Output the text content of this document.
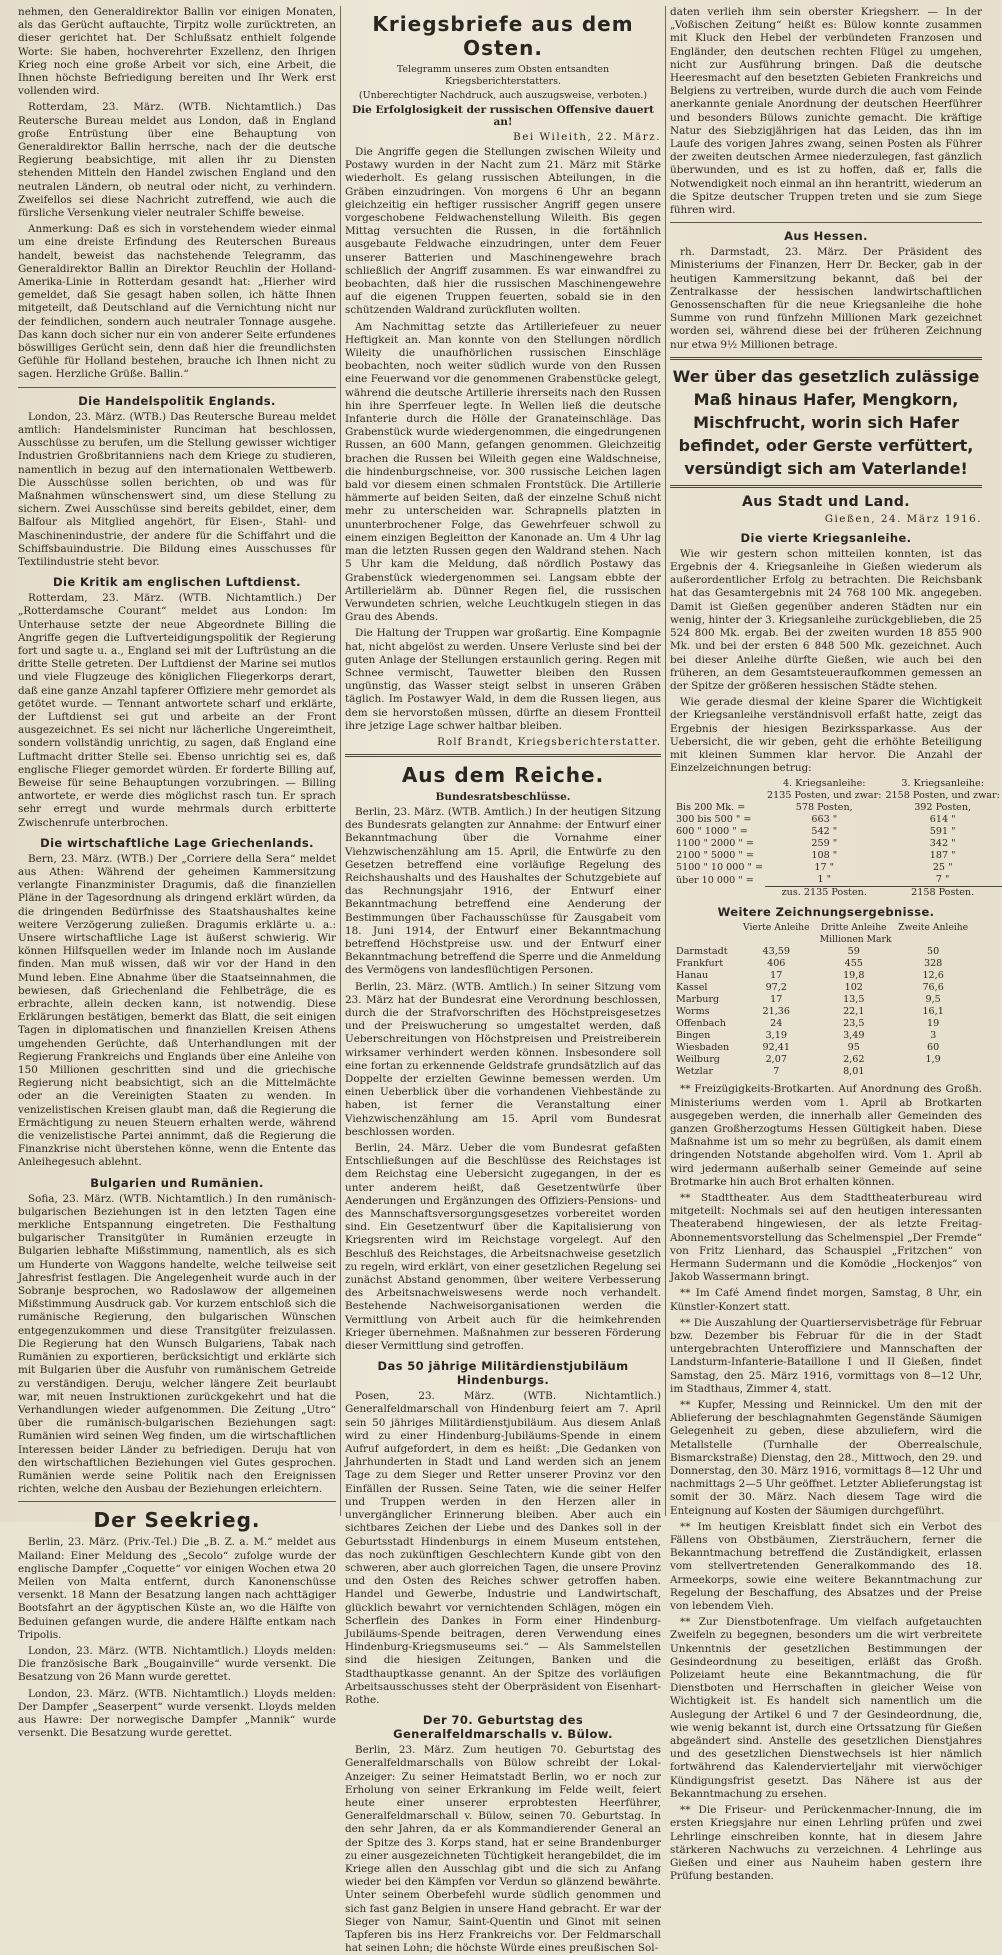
nehmen, den Generaldirektor Ballin vor einigen Monaten, als das Gerücht auftauchte, Tirpitz wolle zurücktreten, an dieser gerichtet hat. Der Schlußsatz enthielt folgende Worte: Sie haben, hochverehrter Exzellenz, den Ihrigen Krieg noch eine große Arbeit vor sich, eine Arbeit, die Ihnen höchste Befriedigung bereiten und Ihr Werk erst vollenden wird.

Rotterdam, 23. März. (WTB. Nichtamtlich.) Das Reutersche Bureau meldet aus London, daß in England große Entrüstung über eine Behauptung von Generaldirektor Ballin herrsche, nach der die deutsche Regierung beabsichtige, mit allen ihr zu Diensten stehenden Mitteln den Handel zwischen England und den neutralen Ländern, ob neutral oder nicht, zu verhindern. Zweifellos sei diese Nachricht zutreffend, wie auch die fürsliche Versenkung vieler neutraler Schiffe beweise.

Anmerkung: Daß es sich in vorstehendem wieder einmal um eine dreiste Erfindung des Reuterschen Bureaus handelt, beweist das nachstehende Telegramm, das Generaldirektor Ballin an Direktor Reuchlin der Holland-Amerika-Linie in Rotterdam gesandt hat: „Hierher wird gemeldet, daß Sie gesagt haben sollen, ich hätte Ihnen mitgeteilt, daß Deutschland auf die Vernichtung nicht nur der feindlichen, sondern auch neutraler Tonnage ausgehe. Das kann doch sicher nur ein von anderer Seite erfundenes böswilliges Gerücht sein, denn daß hier die freundlichsten Gefühle für Holland bestehen, brauche ich Ihnen nicht zu sagen. Herzliche Grüße. Ballin.“

Die Handelspolitik Englands.

London, 23. März. (WTB.) Das Reutersche Bureau meldet amtlich: Handelsminister Runciman hat beschlossen, Ausschüsse zu berufen, um die Stellung gewisser wichtiger Industrien Großbritanniens nach dem Kriege zu studieren, namentlich in bezug auf den internationalen Wettbewerb. Die Ausschüsse sollen berichten, ob und was für Maßnahmen wünschenswert sind, um diese Stellung zu sichern. Zwei Ausschüsse sind bereits gebildet, einer, dem Balfour als Mitglied angehört, für Eisen-, Stahl- und Maschinenindustrie, der andere für die Schiffahrt und die Schiffsbauindustrie. Die Bildung eines Ausschusses für Textilindustrie steht bevor.

Die Kritik am englischen Luftdienst.

Rotterdam, 23. März. (WTB. Nichtamtlich.) Der „Rotterdamsche Courant“ meldet aus London: Im Unterhause setzte der neue Abgeordnete Billing die Angriffe gegen die Luftverteidigungspolitik der Regierung fort und sagte u. a., England sei mit der Luftrüstung an die dritte Stelle getreten. Der Luftdienst der Marine sei mutlos und viele Flugzeuge des königlichen Fliegerkorps derart, daß eine ganze Anzahl tapferer Offiziere mehr gemordet als getötet wurde. — Tennant antwortete scharf und erklärte, der Luftdienst sei gut und arbeite an der Front ausgezeichnet. Es sei nicht nur lächerliche Ungereimtheit, sondern vollständig unrichtig, zu sagen, daß England eine Luftmacht dritter Stelle sei. Ebenso unrichtig sei es, daß englische Flieger gemordet würden. Er forderte Billing auf, Beweise für seine Behauptungen vorzubringen. — Billing antwortete, er werde dies möglichst rasch tun. Er sprach sehr erregt und wurde mehrmals durch erbitterte Zwischenrufe unterbrochen.

Die wirtschaftliche Lage Griechenlands.

Bern, 23. März. (WTB.) Der „Corriere della Sera“ meldet aus Athen: Während der geheimen Kammersitzung verlangte Finanzminister Dragumis, daß die finanziellen Pläne in der Tagesordnung als dringend erklärt würden, da die dringenden Bedürfnisse des Staatshaushaltes keine weitere Verzögerung zuließen. Dragumis erklärte u. a.: Unsere wirtschaftliche Lage ist äußerst schwierig. Wir können Hilfsquellen weder im Inlande noch im Auslande finden. Man muß wissen, daß wir vor der Hand in den Mund leben. Eine Abnahme über die Staatseinnahmen, die bewiesen, daß Griechenland die Fehlbeträge, die es erbrachte, allein decken kann, ist notwendig. Diese Erklärungen bestätigen, bemerkt das Blatt, die seit einigen Tagen in diplomatischen und finanziellen Kreisen Athens umgehenden Gerüchte, daß Unterhandlungen mit der Regierung Frankreichs und Englands über eine Anleihe von 150 Millionen geschritten sind und die griechische Regierung nicht beabsichtigt, sich an die Mittelmächte oder an die Vereinigten Staaten zu wenden. In venizelistischen Kreisen glaubt man, daß die Regierung die Ermächtigung zu neuen Steuern erhalten werde, während die venizelistische Partei annimmt, daß die Regierung die Finanzkrise nicht überstehen könne, wenn die Entente das Anleihegesuch ablehnt.

Bulgarien und Rumänien.

Sofia, 23. März. (WTB. Nichtamtlich.) In den rumänisch-bulgarischen Beziehungen ist in den letzten Tagen eine merkliche Entspannung eingetreten. Die Festhaltung bulgarischer Transitgüter in Rumänien erzeugte in Bulgarien lebhafte Mißstimmung, namentlich, als es sich um Hunderte von Waggons handelte, welche teilweise seit Jahresfrist festlagen. Die Angelegenheit wurde auch in der Sobranje besprochen, wo Radoslawow der allgemeinen Mißstimmung Ausdruck gab. Vor kurzem entschloß sich die rumänische Regierung, den bulgarischen Wünschen entgegenzukommen und diese Transitgüter freizulassen. Die Regierung hat den Wunsch Bulgariens, Tabak nach Rumänien zu exportieren, berücksichtigt und erklärte sich mit Bulgarien über die Ausfuhr von rumänischem Getreide zu verständigen. Deruju, welcher längere Zeit beurlaubt war, mit neuen Instruktionen zurückgekehrt und hat die Verhandlungen wieder aufgenommen. Die Zeitung „Utro“ über die rumänisch-bulgarischen Beziehungen sagt: Rumänien wird seinen Weg finden, um die wirtschaftlichen Interessen beider Länder zu befriedigen. Deruju hat von den wirtschaftlichen Beziehungen viel Gutes gesprochen. Rumänien werde seine Politik nach den Ereignissen richten, welche den Ausbau der Beziehungen erleichtern.

Der Seekrieg.

Berlin, 23. März. (Priv.-Tel.) Die „B. Z. a. M.“ meldet aus Mailand: Einer Meldung des „Secolo“ zufolge wurde der englische Dampfer „Coquette“ vor einigen Wochen etwa 20 Meilen von Malta entfernt, durch Kanonenschüsse versenkt. 18 Mann der Besatzung langen nach achttägiger Bootsfahrt an der ägyptischen Küste an, wo die Hälfte von Beduinen gefangen wurde, die andere Hälfte entkam nach Tripolis.

London, 23. März. (WTB. Nichtamtlich.) Lloyds melden: Die französische Bark „Bougainville“ wurde versenkt. Die Besatzung von 26 Mann wurde gerettet.

London, 23. März. (WTB. Nichtamtlich.) Lloyds melden: Der Dampfer „Seaserpent“ wurde versenkt. Lloyds melden aus Hawre: Der norwegische Dampfer „Mannik“ wurde versenkt. Die Besatzung wurde gerettet.

Kriegsbriefe aus dem Osten.
Telegramm unseres zum Obsten entsandten Kriegsberichterstatters.
(Unberechtigter Nachdruck, auch auszugsweise, verboten.)
Die Erfolglosigkeit der russischen Offensive dauert an!
Bei Wileith, 22. März.

Die Angriffe gegen die Stellungen zwischen Wileity und Postawy wurden in der Nacht zum 21. März mit Stärke wiederholt. Es gelang russischen Abteilungen, in die Gräben einzudringen. Von morgens 6 Uhr an begann gleichzeitig ein heftiger russischer Angriff gegen unsere vorgeschobene Feldwachenstellung Wileith. Bis gegen Mittag versuchten die Russen, in die fortähnlich ausgebaute Feldwache einzudringen, unter dem Feuer unserer Batterien und Maschinengewehre brach schließlich der Angriff zusammen. Es war einwandfrei zu beobachten, daß hier die russischen Maschinengewehre auf die eigenen Truppen feuerten, sobald sie in den schützenden Waldrand zurückfluten wollten.

Am Nachmittag setzte das Artilleriefeuer zu neuer Heftigkeit an. Man konnte von den Stellungen nördlich Wileity die unaufhörlichen russischen Einschläge beobachten, noch weiter südlich wurde von den Russen eine Feuerwand vor die genommenen Grabenstücke gelegt, während die deutsche Artillerie ihrerseits nach den Russen hin ihre Sperrfeuer legte. In Wellen ließ die deutsche Infanterie durch die Hölle der Granateinschläge. Das Grabenstück wurde wiedergenommen, die eingedrungenen Russen, an 600 Mann, gefangen genommen. Gleichzeitig brachen die Russen bei Wileith gegen eine Waldschneise, die hindenburgschneise, vor. 300 russische Leichen lagen bald vor diesem einen schmalen Frontstück. Die Artillerie hämmerte auf beiden Seiten, daß der einzelne Schuß nicht mehr zu unterscheiden war. Schrapnells platzten in ununterbrochener Folge, das Gewehrfeuer schwoll zu einem einzigen Begleitton der Kanonade an. Um 4 Uhr lag man die letzten Russen gegen den Waldrand stehen. Nach 5 Uhr kam die Meldung, daß nördlich Postawy das Grabenstück wiedergenommen sei. Langsam ebbte der Artillerielärm ab. Dünner Regen fiel, die russischen Verwundeten schrien, welche Leuchtkugeln stiegen in das Grau des Abends.

Die Haltung der Truppen war großartig. Eine Kompagnie hat, nicht abgelöst zu werden. Unsere Verluste sind bei der guten Anlage der Stellungen erstaunlich gering. Regen mit Schnee vermischt, Tauwetter bleiben den Russen ungünstig, das Wasser steigt selbst in unseren Gräben täglich. Im Postawyer Wald, in dem die Russen liegen, aus dem sie hervorstoßen müssen, dürfte an diesem Frontteil ihre jetzige Lage schwer haltbar bleiben.

Rolf Brandt, Kriegsberichterstatter.
Aus dem Reiche.
Bundesratsbeschlüsse.

Berlin, 23. März. (WTB. Amtlich.) In der heutigen Sitzung des Bundesrats gelangten zur Annahme: der Entwurf einer Bekanntmachung über die Vornahme einer Viehzwischenzählung am 15. April, die Entwürfe zu den Gesetzen betreffend eine vorläufige Regelung des Reichshaushalts und des Haushaltes der Schutzgebiete auf das Rechnungsjahr 1916, der Entwurf einer Bekanntmachung betreffend eine Aenderung der Bestimmungen über Fachausschüsse für Zausgabeit vom 18. Juni 1914, der Entwurf einer Bekanntmachung betreffend Höchstpreise usw. und der Entwurf einer Bekanntmachung betreffend die Sperre und die Anmeldung des Vermögens von landesflüchtigen Personen.

Berlin, 23. März. (WTB. Amtlich.) In seiner Sitzung vom 23. März hat der Bundesrat eine Verordnung beschlossen, durch die der Strafvorschriften des Höchstpreisgesetzes und der Preiswucherung so umgestaltet werden, daß Ueberschreitungen von Höchstpreisen und Preistreiberein wirksamer verhindert werden können. Insbesondere soll eine fortan zu erkennende Geldstrafe grundsätzlich auf das Doppelte der erzielten Gewinne bemessen werden. Um einen Ueberblick über die vorhandenen Viehbestände zu haben, ist ferner die Veranstaltung einer Viehzwischenzählung am 15. April vom Bundesrat beschlossen worden.

Berlin, 24. März. Ueber die vom Bundesrat gefaßten Entschließungen auf die Beschlüsse des Reichstages ist dem Reichstag eine Uebersicht zugegangen, in der es unter anderem heißt, daß Gesetzentwürfe über Aenderungen und Ergänzungen des Offiziers-Pensions- und des Mannschaftsversorgungsgesetzes vorbereitet worden sind. Ein Gesetzentwurf über die Kapitalisierung von Kriegsrenten wird im Reichstage vorgelegt. Auf den Beschluß des Reichstages, die Arbeitsnachweise gesetzlich zu regeln, wird erklärt, von einer gesetzlichen Regelung sei zunächst Abstand genommen, über weitere Verbesserung des Arbeitsnachweiswesens werde noch verhandelt. Bestehende Nachweisorganisationen werden die Vermittlung von Arbeit auch für die heimkehrenden Krieger übernehmen. Maßnahmen zur besseren Förderung dieser Vermittlung sind getroffen.

Das 50 jährige Militärdienstjubiläum Hindenburgs.

Posen, 23. März. (WTB. Nichtamtlich.) Generalfeldmarschall von Hindenburg feiert am 7. April sein 50 jähriges Militärdienstjubiläum. Aus diesem Anlaß wird zu einer Hindenburg-Jubiläums-Spende in einem Aufruf aufgefordert, in dem es heißt: „Die Gedanken von Jahrhunderten in Stadt und Land werden sich an jenem Tage zu dem Sieger und Retter unserer Provinz vor den Einfällen der Russen. Seine Taten, wie die seiner Helfer und Truppen werden in den Herzen aller in unvergänglicher Erinnerung bleiben. Aber auch ein sichtbares Zeichen der Liebe und des Dankes soll in der Geburtsstadt Hindenburgs in einem Museum entstehen, das noch zukünftigen Geschlechtern Kunde gibt von den schweren, aber auch glorreichen Tagen, die unsere Provinz und den Osten des Reiches schwer getroffen haben. Handel und Gewerbe, Industrie und Landwirtschaft, glücklich bewahrt vor vernichtenden Schlägen, mögen ein Scherflein des Dankes in Form einer Hindenburg-Jubiläums-Spende beitragen, deren Verwendung eines Hindenburg-Kriegsmuseums sei.“ — Als Sammelstellen sind die hiesigen Zeitungen, Banken und die Stadthauptkasse genannt. An der Spitze des vorläufigen Arbeitsausschusses steht der Oberpräsident von Eisenhart-Rothe.

Der 70. Geburtstag des Generalfeldmarschalls v. Bülow.

Berlin, 23. März. Zum heutigen 70. Geburtstag des Generalfeldmarschalls von Bülow schreibt der Lokal-Anzeiger: Zu seiner Heimatstadt Berlin, wo er noch zur Erholung von seiner Erkrankung im Felde weilt, feiert heute einer unserer erprobtesten Heerführer, Generalfeldmarschall v. Bülow, seinen 70. Geburtstag. In den sehr Jahren, da er als Kommandierender General an der Spitze des 3. Korps stand, hat er seine Brandenburger zu einer ausgezeichneten Tüchtigkeit herangebildet, die im Kriege allen den Ausschlag gibt und die sich zu Anfang wieder bei den Kämpfen vor Verdun so glänzend bewährte. Unter seinem Oberbefehl wurde südlich genommen und sich fast ganz Belgien in unsere Hand gebracht. Er war der Sieger von Namur, Saint-Quentin und Ginot mit seinen Tapferen bis ins Herz Frankreichs vor. Der Feldmarschall hat seinen Lohn; die höchste Würde eines preußischen Sol-

daten verlieh ihm sein oberster Kriegsherr. — In der „Voßischen Zeitung“ heißt es: Bülow konnte zusammen mit Kluck den Hebel der verbündeten Franzosen und Engländer, den deutschen rechten Flügel zu umgehen, nicht zur Ausführung bringen. Daß die deutsche Heeresmacht auf den besetzten Gebieten Frankreichs und Belgiens zu vertreiben, wurde durch die auch vom Feinde anerkannte geniale Anordnung der deutschen Heerführer und besonders Bülows zunichte gemacht. Die kräftige Natur des Siebzigjährigen hat das Leiden, das ihn im Laufe des vorigen Jahres zwang, seinen Posten als Führer der zweiten deutschen Armee niederzulegen, fast gänzlich überwunden, und es ist zu hoffen, daß er, falls die Notwendigkeit noch einmal an ihn herantritt, wiederum an die Spitze deutscher Truppen treten und sie zum Siege führen wird.

Aus Hessen.

rh. Darmstadt, 23. März. Der Präsident des Ministeriums der Finanzen, Herr Dr. Becker, gab in der heutigen Kammersitzung bekannt, daß bei der Zentralkasse der hessischen landwirtschaftlichen Genossenschaften für die neue Kriegsanleihe die hohe Summe von rund fünfzehn Millionen Mark gezeichnet worden sei, während diese bei der früheren Zeichnung nur etwa 9½ Millionen betrage.

Wer über das gesetzlich zulässige Maß hinaus Hafer, Mengkorn, Mischfrucht, worin sich Hafer befindet, oder Gerste verfüttert, versündigt sich am Vaterlande!
Aus Stadt und Land.
Gießen, 24. März 1916.
Die vierte Kriegsanleihe.

Wie wir gestern schon mitteilen konnten, ist das Ergebnis der 4. Kriegsanleihe in Gießen wiederum als außerordentlicher Erfolg zu betrachten. Die Reichsbank hat das Gesamtergebnis mit 24 768 100 Mk. angegeben. Damit ist Gießen gegenüber anderen Städten nur ein wenig, hinter der 3. Kriegsanleihe zurückgeblieben, die 25 524 800 Mk. ergab. Bei der zweiten wurden 18 855 900 Mk. und bei der ersten 6 848 500 Mk. gezeichnet. Auch bei dieser Anleihe dürfte Gießen, wie auch bei den früheren, an dem Gesamtsteueraufkommen gemessen an der Spitze der größeren hessischen Städte stehen.

Wie gerade diesmal der kleine Sparer die Wichtigkeit der Kriegsanleihe verständnisvoll erfaßt hatte, zeigt das Ergebnis der hiesigen Bezirkssparkasse. Aus der Uebersicht, die wir geben, geht die erhöhte Beteiligung mit kleinen Summen klar hervor. Die Anzahl der Einzelzeichnungen betrug:

	4. Kriegsanleihe:	3. Kriegsanleihe:
	2135 Posten, und zwar:	2158 Posten, und zwar:
Bis 200 Mk. =	578 Posten,	392 Posten,
300 bis 500 " =	663 "	614 "
600 " 1000 " =	542 "	591 "
1100 " 2000 " =	259 "	342 "
2100 " 5000 " =	108 "	187 "
5100 " 10 000 " =	17 "	25 "
über 10 000 " =	1 "	7 "
	zus. 2135 Posten.	2158 Posten.
Weitere Zeichnungsergebnisse.
	Vierte Anleihe	Dritte Anleihe	Zweite Anleihe
	Millionen Mark		
Darmstadt	43,59	59	50
Frankfurt	406	455	328
Hanau	17	19,8	12,6
Kassel	97,2	102	76,6
Marburg	17	13,5	9,5
Worms	21,36	22,1	16,1
Offenbach	24	23,5	19
Bingen	3,19	3,49	3
Wiesbaden	92,41	95	60
Weilburg	2,07	2,62	1,9
Wetzlar	7	8,01	

** Freizügigkeits-Brotkarten. Auf Anordnung des Großh. Ministeriums werden vom 1. April ab Brotkarten ausgegeben werden, die innerhalb aller Gemeinden des ganzen Großherzogtums Hessen Gültigkeit haben. Diese Maßnahme ist um so mehr zu begrüßen, als damit einem dringenden Notstande abgeholfen wird. Vom 1. April ab wird jedermann außerhalb seiner Gemeinde auf seine Brotmarke hin auch Brot erhalten können.

** Stadttheater. Aus dem Stadttheaterbureau wird mitgeteilt: Nochmals sei auf den heutigen interessanten Theaterabend hingewiesen, der als letzte Freitag-Abonnementsvorstellung das Schelmenspiel „Der Fremde“ von Fritz Lienhard, das Schauspiel „Fritzchen“ von Hermann Sudermann und die Komödie „Hockenjos“ von Jakob Wassermann bringt.

** Im Café Amend findet morgen, Samstag, 8 Uhr, ein Künstler-Konzert statt.

** Die Auszahlung der Quartierservisbeträge für Februar bzw. Dezember bis Februar für die in der Stadt untergebrachten Unteroffiziere und Mannschaften der Landsturm-Infanterie-Bataillone I und II Gießen, findet Samstag, den 25. März 1916, vormittags von 8—12 Uhr, im Stadthaus, Zimmer 4, statt.

** Kupfer, Messing und Reinnickel. Um den mit der Ablieferung der beschlagnahmten Gegenstände Säumigen Gelegenheit zu geben, diese abzuliefern, wird die Metallstelle (Turnhalle der Oberrealschule, Bismarckstraße) Dienstag, den 28., Mittwoch, den 29. und Donnerstag, den 30. März 1916, vormittags 8—12 Uhr und nachmittags 2—5 Uhr geöffnet. Letzter Ablieferungstag ist somit der 30. März. Nach diesem Tage wird die Enteignung auf Kosten der Säumigen durchgeführt.

** Im heutigen Kreisblatt findet sich ein Verbot des Fällens von Obstbäumen, Ziersträuchern, ferner die Bekanntmachung betreffend die Zuständigkeit, erlassen vom stellvertretenden Generalkommando des 18. Armeekorps, sowie eine weitere Bekanntmachung zur Regelung der Beschaffung, des Absatzes und der Preise von lebendem Vieh.

** Zur Dienstbotenfrage. Um vielfach aufgetauchten Zweifeln zu begegnen, besonders um die wirt verbreitete Unkenntnis der gesetzlichen Bestimmungen der Gesindeordnung zu beseitigen, erläßt das Großh. Polizeiamt heute eine Bekanntmachung, die für Dienstboten und Herrschaften in gleicher Weise von Wichtigkeit ist. Es handelt sich namentlich um die Auslegung der Artikel 6 und 7 der Gesindeordnung, die, wie wenig bekannt ist, durch eine Ortssatzung für Gießen abgeändert sind. Anstelle des gesetzlichen Dienstjahres und des gesetzlichen Dienstwechsels ist hier nämlich fortwährend das Kalendervierteljahr mit vierwöchiger Kündigungsfrist gesetzt. Das Nähere ist aus der Bekanntmachung zu ersehen.

** Die Friseur- und Perückenmacher-Innung, die im ersten Kriegsjahre nur einen Lehrling prüfen und zwei Lehrlinge einschreiben konnte, hat in diesem Jahre stärkeren Nachwuchs zu verzeichnen. 4 Lehrlinge aus Gießen und einer aus Nauheim haben gestern ihre Prüfung bestanden.
